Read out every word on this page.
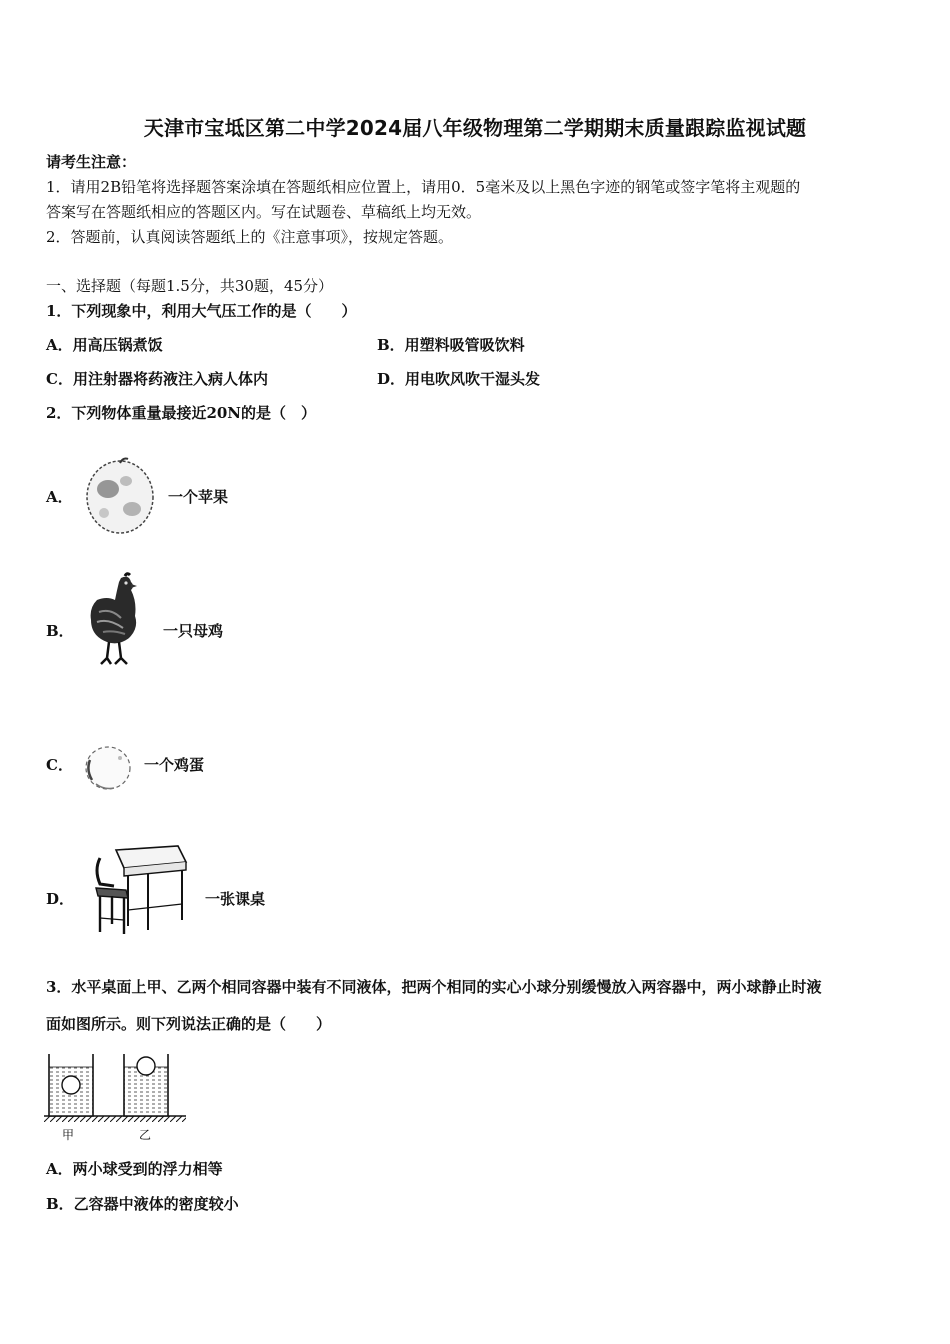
天津市宝坻区第二中学2024届八年级物理第二学期期末质量跟踪监视试题
请考生注意：
1．请用2B铅笔将选择题答案涂填在答题纸相应位置上，请用0．5毫米及以上黑色字迹的钢笔或签字笔将主观题的
答案写在答题纸相应的答题区内。写在试题卷、草稿纸上均无效。
2．答题前，认真阅读答题纸上的《注意事项》，按规定答题。
一、选择题（每题1.5分，共30题，45分）
1．下列现象中，利用大气压工作的是（　　）
A．用高压锅煮饭	B．用塑料吸管吸饮料
C．用注射器将药液注入病人体内	D．用电吹风吹干湿头发
2．下列物体重量最接近20N的是（　）
A．	一个苹果
B．	一只母鸡
C．	一个鸡蛋
D．	一张课桌
3．水平桌面上甲、乙两个相同容器中装有不同液体，把两个相同的实心小球分别缓慢放入两容器中，两小球静止时液
面如图所示。则下列说法正确的是（　　）
甲	乙
A．两小球受到的浮力相等
B．乙容器中液体的密度较小
